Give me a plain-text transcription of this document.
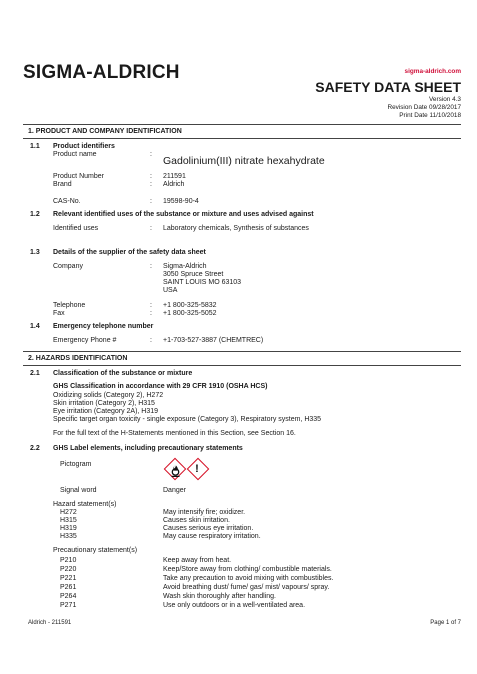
SIGMA-ALDRICH	sigma-aldrich.com
SAFETY DATA SHEET
Version 4.3
Revision Date 09/28/2017
Print Date 11/10/2018
1. PRODUCT AND COMPANY IDENTIFICATION
1.1 Product identifiers
Product name	:
Gadolinium(III) nitrate hexahydrate
Product Number	: 211591
Brand	: Aldrich
CAS-No.	: 19598-90-4
1.2 Relevant identified uses of the substance or mixture and uses advised against
Identified uses	: Laboratory chemicals, Synthesis of substances
1.3 Details of the supplier of the safety data sheet
Company	: Sigma-Aldrich
3050 Spruce Street
SAINT LOUIS MO 63103
USA
Telephone	: +1 800-325-5832
Fax	: +1 800-325-5052
1.4 Emergency telephone number
Emergency Phone #	: +1-703-527-3887 (CHEMTREC)
2. HAZARDS IDENTIFICATION
2.1 Classification of the substance or mixture
GHS Classification in accordance with 29 CFR 1910 (OSHA HCS)
Oxidizing solids (Category 2), H272
Skin irritation (Category 2), H315
Eye irritation (Category 2A), H319
Specific target organ toxicity - single exposure (Category 3), Respiratory system, H335
For the full text of the H-Statements mentioned in this Section, see Section 16.
2.2 GHS Label elements, including precautionary statements
Pictogram	!
Signal word	Danger
Hazard statement(s)
H272	May intensify fire; oxidizer.
H315	Causes skin irritation.
H319	Causes serious eye irritation.
H335	May cause respiratory irritation.
Precautionary statement(s)
P210	Keep away from heat.
P220	Keep/Store away from clothing/ combustible materials.
P221	Take any precaution to avoid mixing with combustibles.
P261	Avoid breathing dust/ fume/ gas/ mist/ vapours/ spray.
P264	Wash skin thoroughly after handling.
P271	Use only outdoors or in a well-ventilated area.
Aldrich - 211591	Page 1 of 7
